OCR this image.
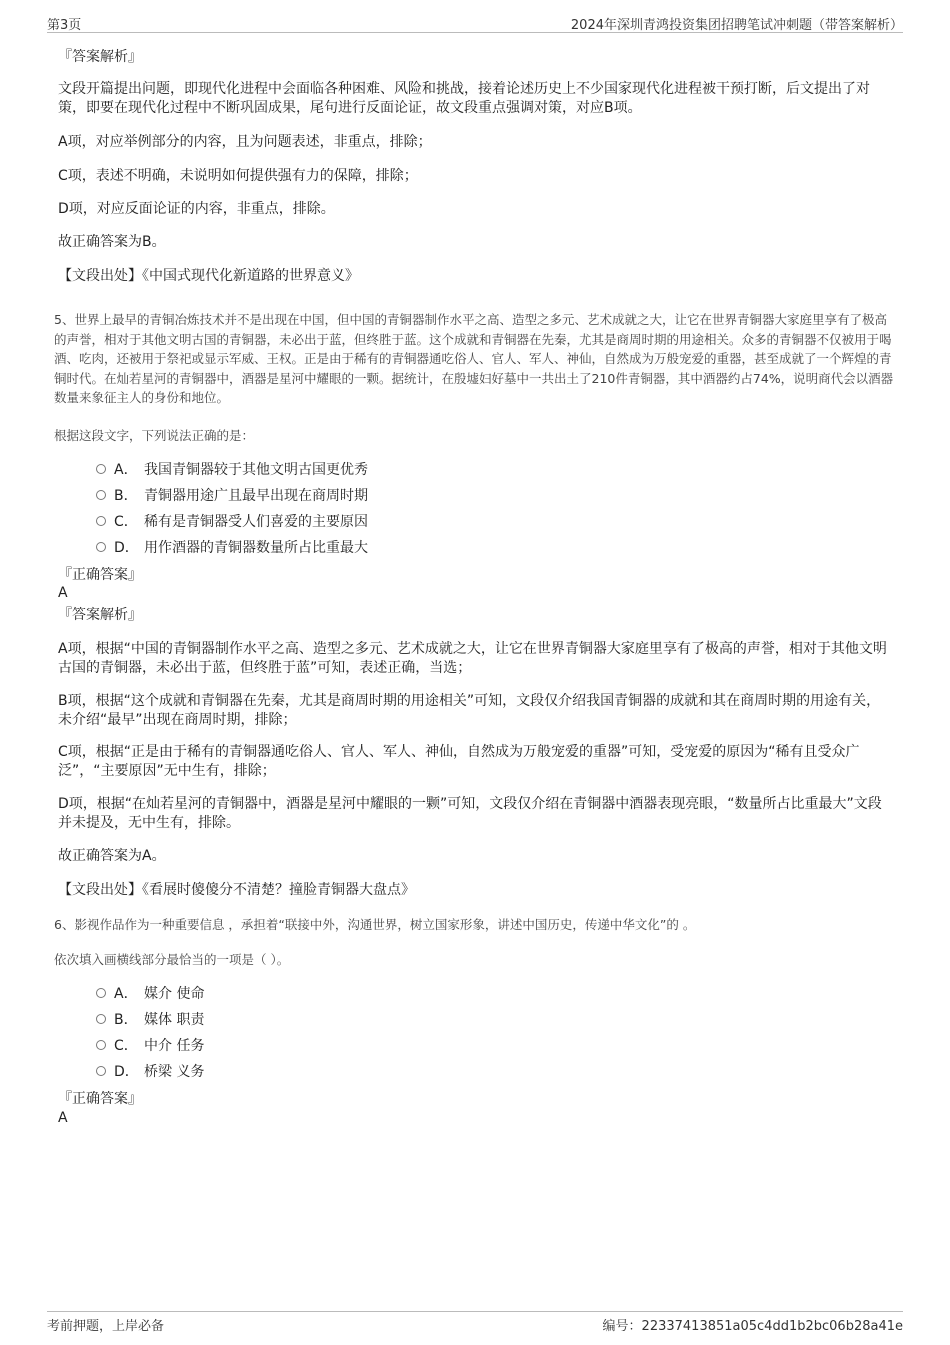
第3页	2024年深圳青鸿投资集团招聘笔试冲刺题（带答案解析）
『答案解析』
文段开篇提出问题，即现代化进程中会面临各种困难、风险和挑战，接着论述历史上不少国家现代化进程被干预打断，后文提出了对策，即要在现代化过程中不断巩固成果，尾句进行反面论证，故文段重点强调对策，对应B项。
A项，对应举例部分的内容，且为问题表述，非重点，排除；
C项，表述不明确，未说明如何提供强有力的保障，排除；
D项，对应反面论证的内容，非重点，排除。
故正确答案为B。
【文段出处】《中国式现代化新道路的世界意义》
5、世界上最早的青铜冶炼技术并不是出现在中国，但中国的青铜器制作水平之高、造型之多元、艺术成就之大，让它在世界青铜器大家庭里享有了极高的声誉，相对于其他文明古国的青铜器，未必出于蓝，但终胜于蓝。这个成就和青铜器在先秦，尤其是商周时期的用途相关。众多的青铜器不仅被用于喝酒、吃肉，还被用于祭祀或显示军威、王权。正是由于稀有的青铜器通吃俗人、官人、军人、神仙，自然成为万般宠爱的重器，甚至成就了一个辉煌的青铜时代。在灿若星河的青铜器中，酒器是星河中耀眼的一颗。据统计，在殷墟妇好墓中一共出土了210件青铜器，其中酒器约占74%，说明商代会以酒器数量来象征主人的身份和地位。
根据这段文字，下列说法正确的是：
A． 我国青铜器较于其他文明古国更优秀
B． 青铜器用途广且最早出现在商周时期
C． 稀有是青铜器受人们喜爱的主要原因
D． 用作酒器的青铜器数量所占比重最大
『正确答案』
A
『答案解析』
A项，根据“中国的青铜器制作水平之高、造型之多元、艺术成就之大，让它在世界青铜器大家庭里享有了极高的声誉，相对于其他文明古国的青铜器，未必出于蓝，但终胜于蓝”可知，表述正确，当选；
B项，根据“这个成就和青铜器在先秦，尤其是商周时期的用途相关”可知，文段仅介绍我国青铜器的成就和其在商周时期的用途有关，未介绍“最早”出现在商周时期，排除；
C项，根据“正是由于稀有的青铜器通吃俗人、官人、军人、神仙，自然成为万般宠爱的重器”可知，受宠爱的原因为“稀有且受众广泛”，“主要原因”无中生有，排除；
D项，根据“在灿若星河的青铜器中，酒器是星河中耀眼的一颗”可知，文段仅介绍在青铜器中酒器表现亮眼，“数量所占比重最大”文段并未提及，无中生有，排除。
故正确答案为A。
【文段出处】《看展时傻傻分不清楚？撞脸青铜器大盘点》
6、影视作品作为一种重要信息 ，承担着“联接中外，沟通世界，树立国家形象，讲述中国历史，传递中华文化”的 。
依次填入画横线部分最恰当的一项是（ ）。
A． 媒介 使命
B． 媒体 职责
C． 中介 任务
D． 桥梁 义务
『正确答案』
A
考前押题，上岸必备	编号：22337413851a05c4dd1b2bc06b28a41e
